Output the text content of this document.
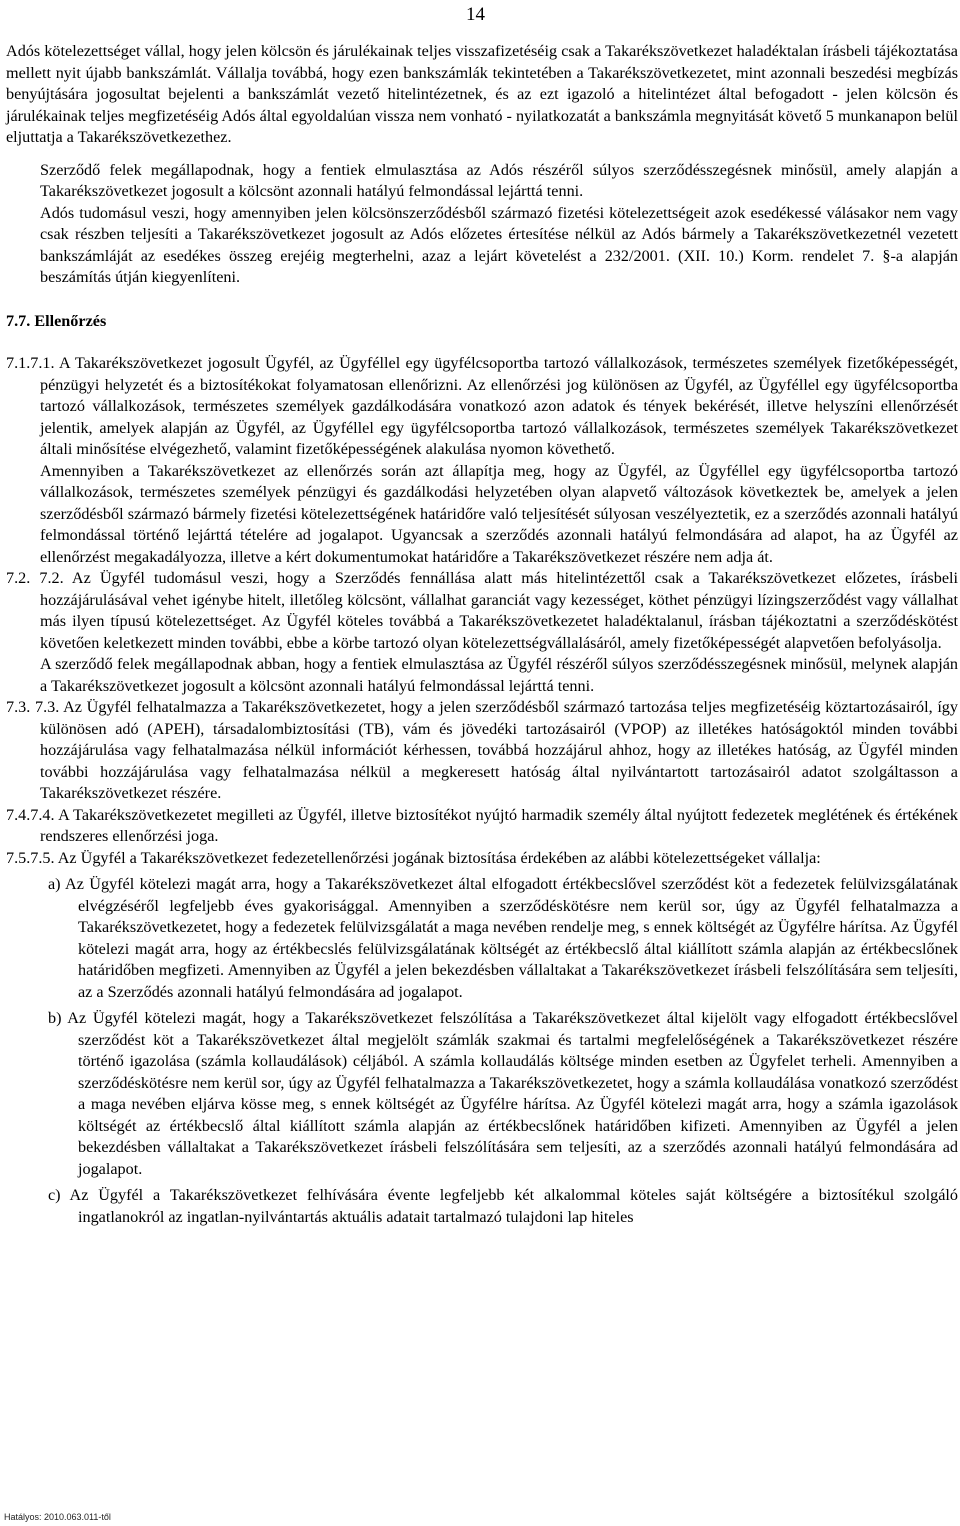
14

Adós kötelezettséget vállal, hogy jelen kölcsön és járulékainak teljes visszafizetéséig csak a Takarékszövetkezet haladéktalan írásbeli tájékoztatása mellett nyit újabb bankszámlát. Vállalja továbbá, hogy ezen bankszámlák tekintetében a Takarékszövetkezetet, mint azonnali beszedési megbízás benyújtására jogosultat bejelenti a bankszámlát vezető hitelintézetnek, és az ezt igazoló a hitelintézet által befogadott - jelen kölcsön és járulékainak teljes megfizetéséig Adós által egyoldalúan vissza nem vonható - nyilatkozatát a bankszámla megnyitását követő 5 munkanapon belül eljuttatja a Takarékszövetkezethez.

Szerződő felek megállapodnak, hogy a fentiek elmulasztása az Adós részéről súlyos szerződésszegésnek minősül, amely alapján a Takarékszövetkezet jogosult a kölcsönt azonnali hatályú felmondással lejárttá tenni.

Adós tudomásul veszi, hogy amennyiben jelen kölcsönszerződésből származó fizetési kötelezettségeit azok esedékessé válásakor nem vagy csak részben teljesíti a Takarékszövetkezet jogosult az Adós előzetes értesítése nélkül az Adós bármely a Takarékszövetkezetnél vezetett bankszámláját az esedékes összeg erejéig megterhelni, azaz a lejárt követelést a 232/2001. (XII. 10.) Korm. rendelet 7. §-a alapján beszámítás útján kiegyenlíteni.

7.7. Ellenőrzés

7.1.7.1. A Takarékszövetkezet jogosult Ügyfél, az Ügyféllel egy ügyfélcsoportba tartozó vállalkozások, természetes személyek fizetőképességét, pénzügyi helyzetét és a biztosítékokat folyamatosan ellenőrizni. Az ellenőrzési jog különösen az Ügyfél, az Ügyféllel egy ügyfélcsoportba tartozó vállalkozások, természetes személyek gazdálkodására vonatkozó azon adatok és tények bekérését, illetve helyszíni ellenőrzését jelentik, amelyek alapján az Ügyfél, az Ügyféllel egy ügyfélcsoportba tartozó vállalkozások, természetes személyek Takarékszövetkezet általi minősítése elvégezhető, valamint fizetőképességének alakulása nyomon követhető.

Amennyiben a Takarékszövetkezet az ellenőrzés során azt állapítja meg, hogy az Ügyfél, az Ügyféllel egy ügyfélcsoportba tartozó vállalkozások, természetes személyek pénzügyi és gazdálkodási helyzetében olyan alapvető változások következtek be, amelyek a jelen szerződésből származó bármely fizetési kötelezettségének határidőre való teljesítését súlyosan veszélyeztetik, ez a szerződés azonnali hatályú felmondással történő lejárttá tételére ad jogalapot. Ugyancsak a szerződés azonnali hatályú felmondására ad alapot, ha az Ügyfél az ellenőrzést megakadályozza, illetve a kért dokumentumokat határidőre a Takarékszövetkezet részére nem adja át.

7.2. 7.2. Az Ügyfél tudomásul veszi, hogy a Szerződés fennállása alatt más hitelintézettől csak a Takarékszövetkezet előzetes, írásbeli hozzájárulásával vehet igénybe hitelt, illetőleg kölcsönt, vállalhat garanciát vagy kezességet, köthet pénzügyi lízingszerződést vagy vállalhat más ilyen típusú kötelezettséget. Az Ügyfél köteles továbbá a Takarékszövetkezetet haladéktalanul, írásban tájékoztatni a szerződéskötést követően keletkezett minden további, ebbe a körbe tartozó olyan kötelezettségvállalásáról, amely fizetőképességét alapvetően befolyásolja.

A szerződő felek megállapodnak abban, hogy a fentiek elmulasztása az Ügyfél részéről súlyos szerződésszegésnek minősül, melynek alapján a Takarékszövetkezet jogosult a kölcsönt azonnali hatályú felmondással lejárttá tenni.

7.3. 7.3. Az Ügyfél felhatalmazza a Takarékszövetkezetet, hogy a jelen szerződésből származó tartozása teljes megfizetéséig köztartozásairól, így különösen adó (APEH), társadalombiztosítási (TB), vám és jövedéki tartozásairól (VPOP) az illetékes hatóságoktól minden további hozzájárulása vagy felhatalmazása nélkül információt kérhessen, továbbá hozzájárul ahhoz, hogy az illetékes hatóság, az Ügyfél minden további hozzájárulása vagy felhatalmazása nélkül a megkeresett hatóság által nyilvántartott tartozásairól adatot szolgáltasson a Takarékszövetkezet részére.

7.4.7.4. A Takarékszövetkezetet megilleti az Ügyfél, illetve biztosítékot nyújtó harmadik személy által nyújtott fedezetek meglétének és értékének rendszeres ellenőrzési joga.

7.5.7.5. Az Ügyfél a Takarékszövetkezet fedezetellenőrzési jogának biztosítása érdekében az alábbi kötelezettségeket vállalja:

a) Az Ügyfél kötelezi magát arra, hogy a Takarékszövetkezet által elfogadott értékbecslővel szerződést köt a fedezetek felülvizsgálatának elvégzéséről legfeljebb éves gyakorisággal. Amennyiben a szerződéskötésre nem kerül sor, úgy az Ügyfél felhatalmazza a Takarékszövetkezetet, hogy a fedezetek felülvizsgálatát a maga nevében rendelje meg, s ennek költségét az Ügyfélre hárítsa. Az Ügyfél kötelezi magát arra, hogy az értékbecslés felülvizsgálatának költségét az értékbecslő által kiállított számla alapján az értékbecslőnek határidőben megfizeti. Amennyiben az Ügyfél a jelen bekezdésben vállaltakat a Takarékszövetkezet írásbeli felszólítására sem teljesíti, az a Szerződés azonnali hatályú felmondására ad jogalapot.

b) Az Ügyfél kötelezi magát, hogy a Takarékszövetkezet felszólítása a Takarékszövetkezet által kijelölt vagy elfogadott értékbecslővel szerződést köt a Takarékszövetkezet által megjelölt számlák szakmai és tartalmi megfelelőségének a Takarékszövetkezet részére történő igazolása (számla kollaudálások) céljából. A számla kollaudálás költsége minden esetben az Ügyfelet terheli. Amennyiben a szerződéskötésre nem kerül sor, úgy az Ügyfél felhatalmazza a Takarékszövetkezetet, hogy a számla kollaudálása vonatkozó szerződést a maga nevében eljárva kösse meg, s ennek költségét az Ügyfélre hárítsa. Az Ügyfél kötelezi magát arra, hogy a számla igazolások költségét az értékbecslő által kiállított számla alapján az értékbecslőnek határidőben kifizeti. Amennyiben az Ügyfél a jelen bekezdésben vállaltakat a Takarékszövetkezet írásbeli felszólítására sem teljesíti, az a szerződés azonnali hatályú felmondására ad jogalapot.

c) Az Ügyfél a Takarékszövetkezet felhívására évente legfeljebb két alkalommal köteles saját költségére a biztosítékul szolgáló ingatlanokról az ingatlan-nyilvántartás aktuális adatait tartalmazó tulajdoni lap hiteles

Hatályos: 2010.063.011-től
